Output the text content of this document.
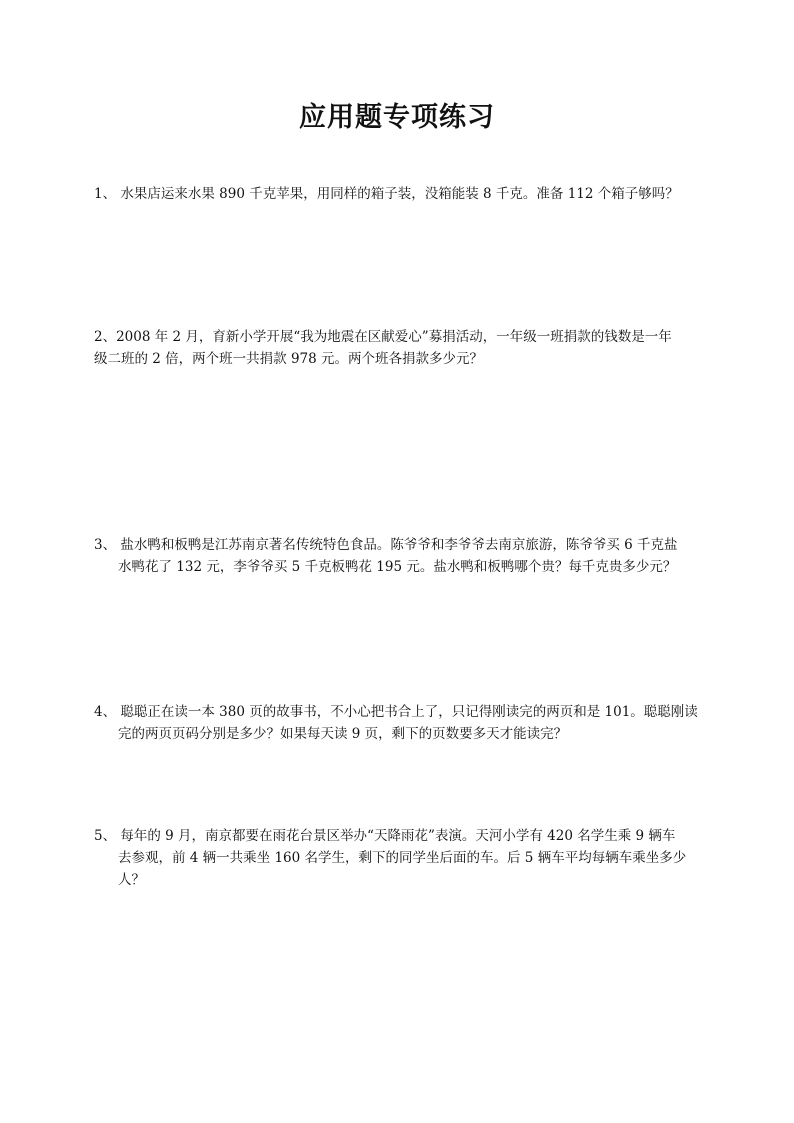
应用题专项练习
1、 水果店运来水果 890 千克苹果，用同样的箱子装，没箱能装 8 千克。准备 112 个箱子够吗？
2、2008 年 2 月，育新小学开展“我为地震在区献爱心”募捐活动，一年级一班捐款的钱数是一年
级二班的 2 倍，两个班一共捐款 978 元。两个班各捐款多少元？
3、 盐水鸭和板鸭是江苏南京著名传统特色食品。陈爷爷和李爷爷去南京旅游，陈爷爷买 6 千克盐
水鸭花了 132 元，李爷爷买 5 千克板鸭花 195 元。盐水鸭和板鸭哪个贵？每千克贵多少元？
4、 聪聪正在读一本 380 页的故事书，不小心把书合上了，只记得刚读完的两页和是 101。聪聪刚读
完的两页页码分别是多少？如果每天读 9 页，剩下的页数要多天才能读完？
5、 每年的 9 月，南京都要在雨花台景区举办“天降雨花”表演。天河小学有 420 名学生乘 9 辆车
去参观，前 4 辆一共乘坐 160 名学生，剩下的同学坐后面的车。后 5 辆车平均每辆车乘坐多少
人？
